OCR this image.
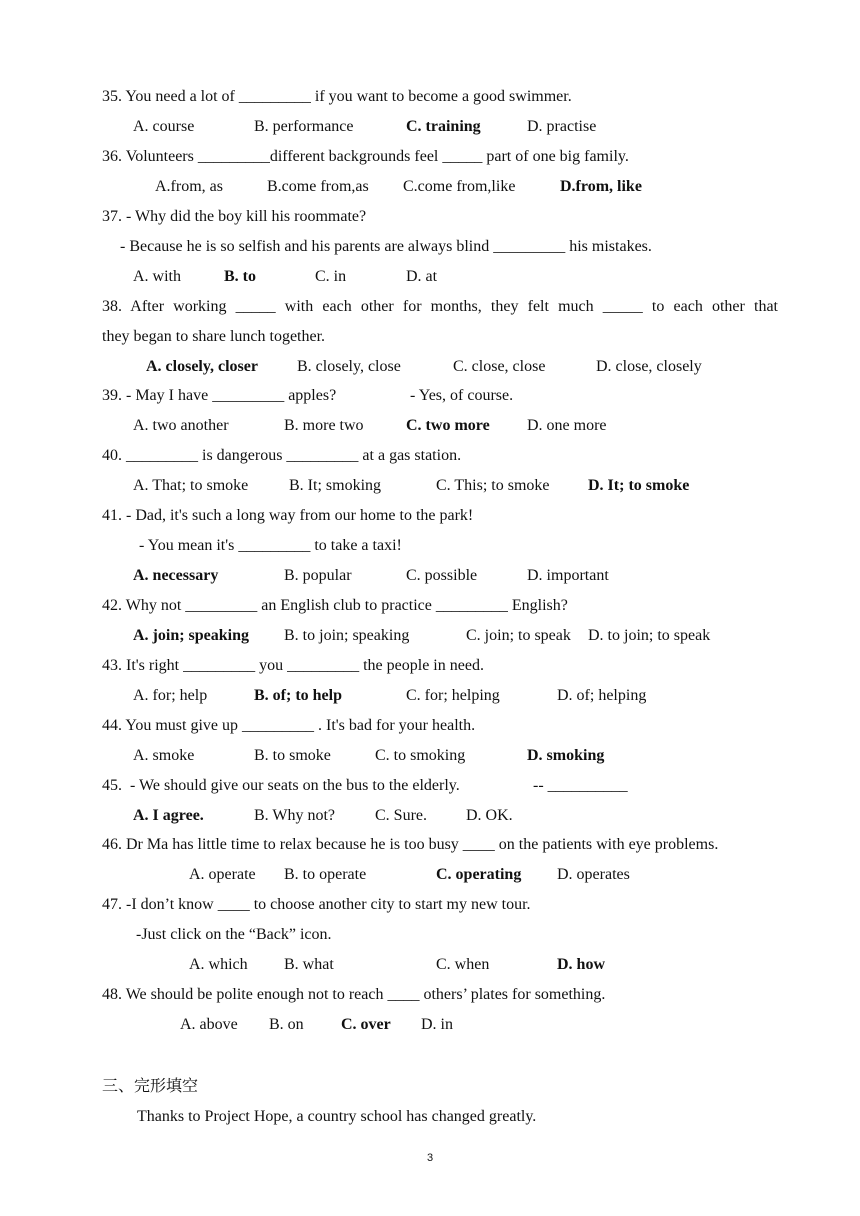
35. You need a lot of _________ if you want to become a good swimmer.
A. course	B. performance	C. training	D. practise
36. Volunteers _________different backgrounds feel _____ part of one big family.
A.from, as	B.come from,as C.come from,like	D.from, like
37. - Why did the boy kill his roommate?
- Because he is so selfish and his parents are always blind _________ his mistakes.
A. with	B. to	C. in	D. at
38. After working _____ with each other for months, they felt much _____ to each other that
they began to share lunch together.
A. closely, closer B. closely, close	C. close, close	D. close, closely
39. - May I have _________ apples?	- Yes, of course.
A. two another	B. more two	C. two more D. one more
40. _________ is dangerous _________ at a gas station.
A. That; to smoke	B. It; smoking	C. This; to smoke D. It; to smoke
41. - Dad, it's such a long way from our home to the park!
- You mean it's _________ to take a taxi!
A. necessary	B. popular	C. possible	D. important
42. Why not _________ an English club to practice _________ English?
A. join; speaking B. to join; speaking	C. join; to speak D. to join; to speak
43. It's right _________ you _________ the people in need.
A. for; help	B. of; to help	C. for; helping	D. of; helping
44. You must give up _________ . It's bad for your health.
A. smoke	B. to smoke	C. to smoking	D. smoking
45.  - We should give our seats on the bus to the elderly.	-- __________
A. I agree.	B. Why not? C. Sure. D. OK.
46. Dr Ma has little time to relax because he is too busy ____ on the patients with eye problems.
A. operate B. to operate	C. operating D. operates
47. -I don’t know ____ to choose another city to start my new tour.
-Just click on the “Back” icon.
A. which B. what	C. when	D. how
48. We should be polite enough not to reach ____ others’ plates for something.
A. above B. on C. over D. in
三、完形填空
Thanks to Project Hope, a country school has changed greatly.
3
